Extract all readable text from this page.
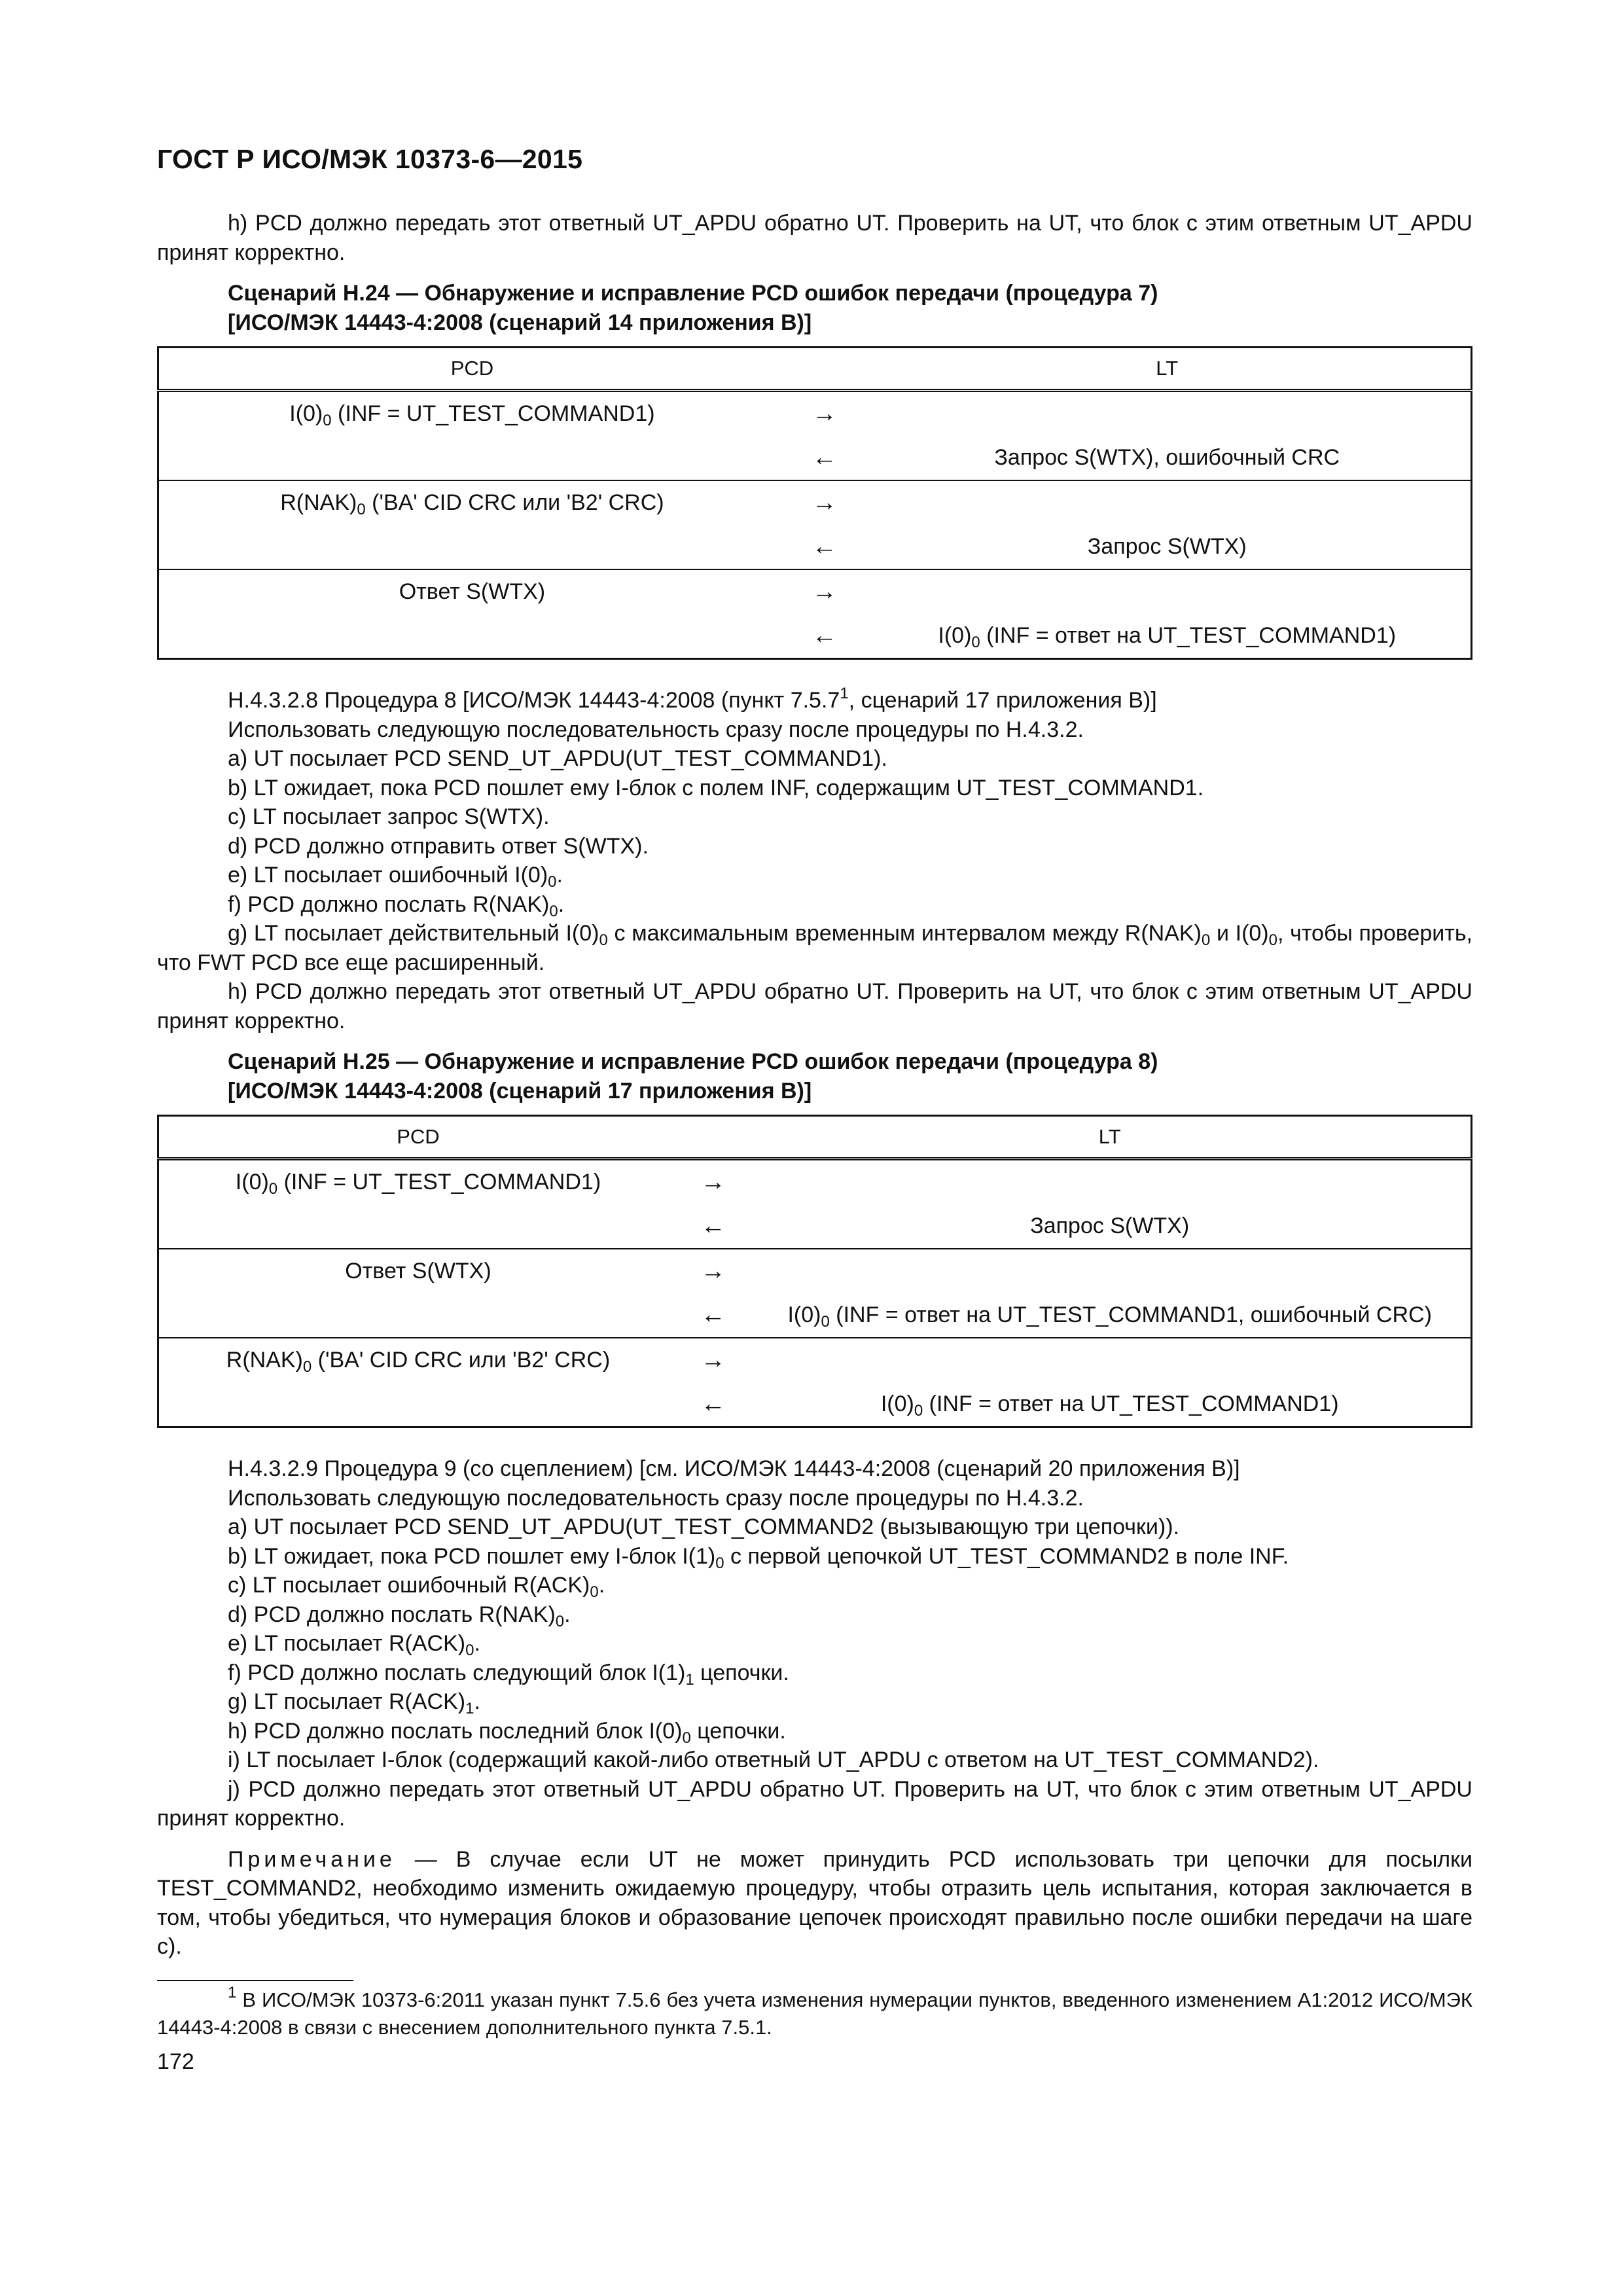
ГОСТ Р ИСО/МЭК 10373-6—2015

h) PCD должно передать этот ответный UT_APDU обратно UT. Проверить на UT, что блок с этим ответным UT_APDU принят корректно.

Сценарий Н.24 — Обнаружение и исправление PCD ошибок передачи (процедура 7)
[ИСО/МЭК 14443-4:2008 (сценарий 14 приложения В)]
PCD		LT
$I(0)_0$ (INF = UT_TEST_COMMAND1)	→	
	←	Запрос S(WTX), ошибочный CRC
$R(NAK)_0$ ('BA' CID CRC или 'B2' CRC)	→	
	←	Запрос S(WTX)
Ответ S(WTX)	→	
	←	$I(0)_0$ (INF = ответ на UT_TEST_COMMAND1)
Н.4.3.2.8 Процедура 8 [ИСО/МЭК 14443-4:2008 (пункт 7.5.7$^1$, сценарий 17 приложения В)]
Использовать следующую последовательность сразу после процедуры по Н.4.3.2.
a) UT посылает PCD SEND_UT_APDU(UT_TEST_COMMAND1).
b) LT ожидает, пока PCD пошлет ему I-блок с полем INF, содержащим UT_TEST_COMMAND1.
c) LT посылает запрос S(WTX).
d) PCD должно отправить ответ S(WTX).
e) LT посылает ошибочный $I(0)_0$.
f) PCD должно послать $R(NAK)_0$.

g) LT посылает действительный $I(0)_0$ с максимальным временным интервалом между $R(NAK)_0$ и $I(0)_0$, чтобы проверить, что FWT PCD все еще расширенный.

h) PCD должно передать этот ответный UT_APDU обратно UT. Проверить на UT, что блок с этим ответным UT_APDU принят корректно.

Сценарий Н.25 — Обнаружение и исправление PCD ошибок передачи (процедура 8)
[ИСО/МЭК 14443-4:2008 (сценарий 17 приложения В)]
PCD		LT
$I(0)_0$ (INF = UT_TEST_COMMAND1)	→	
	←	Запрос S(WTX)
Ответ S(WTX)	→	
	←	$I(0)_0$ (INF = ответ на UT_TEST_COMMAND1, ошибочный CRC)
$R(NAK)_0$ ('BA' CID CRC или 'B2' CRC)	→	
	←	$I(0)_0$ (INF = ответ на UT_TEST_COMMAND1)
Н.4.3.2.9 Процедура 9 (со сцеплением) [см. ИСО/МЭК 14443-4:2008 (сценарий 20 приложения В)]
Использовать следующую последовательность сразу после процедуры по Н.4.3.2.
a) UT посылает PCD SEND_UT_APDU(UT_TEST_COMMAND2 (вызывающую три цепочки)).
b) LT ожидает, пока PCD пошлет ему I-блок $I(1)_0$ с первой цепочкой UT_TEST_COMMAND2 в поле INF.
c) LT посылает ошибочный $R(ACK)_0$.
d) PCD должно послать $R(NAK)_0$.
e) LT посылает $R(ACK)_0$.
f) PCD должно послать следующий блок $I(1)_1$ цепочки.
g) LT посылает $R(ACK)_1$.
h) PCD должно послать последний блок $I(0)_0$ цепочки.
i) LT посылает I-блок (содержащий какой-либо ответный UT_APDU с ответом на UT_TEST_COMMAND2).

j) PCD должно передать этот ответный UT_APDU обратно UT. Проверить на UT, что блок с этим ответным UT_APDU принят корректно.

Примечание — В случае если UT не может принудить PCD использовать три цепочки для посылки TEST_COMMAND2, необходимо изменить ожидаемую процедуру, чтобы отразить цель испытания, которая заключается в том, чтобы убедиться, что нумерация блоков и образование цепочек происходят правильно после ошибки передачи на шаге c).

$^1$ В ИСО/МЭК 10373-6:2011 указан пункт 7.5.6 без учета изменения нумерации пунктов, введенного изменением A1:2012 ИСО/МЭК 14443-4:2008 в связи с внесением дополнительного пункта 7.5.1.

172
